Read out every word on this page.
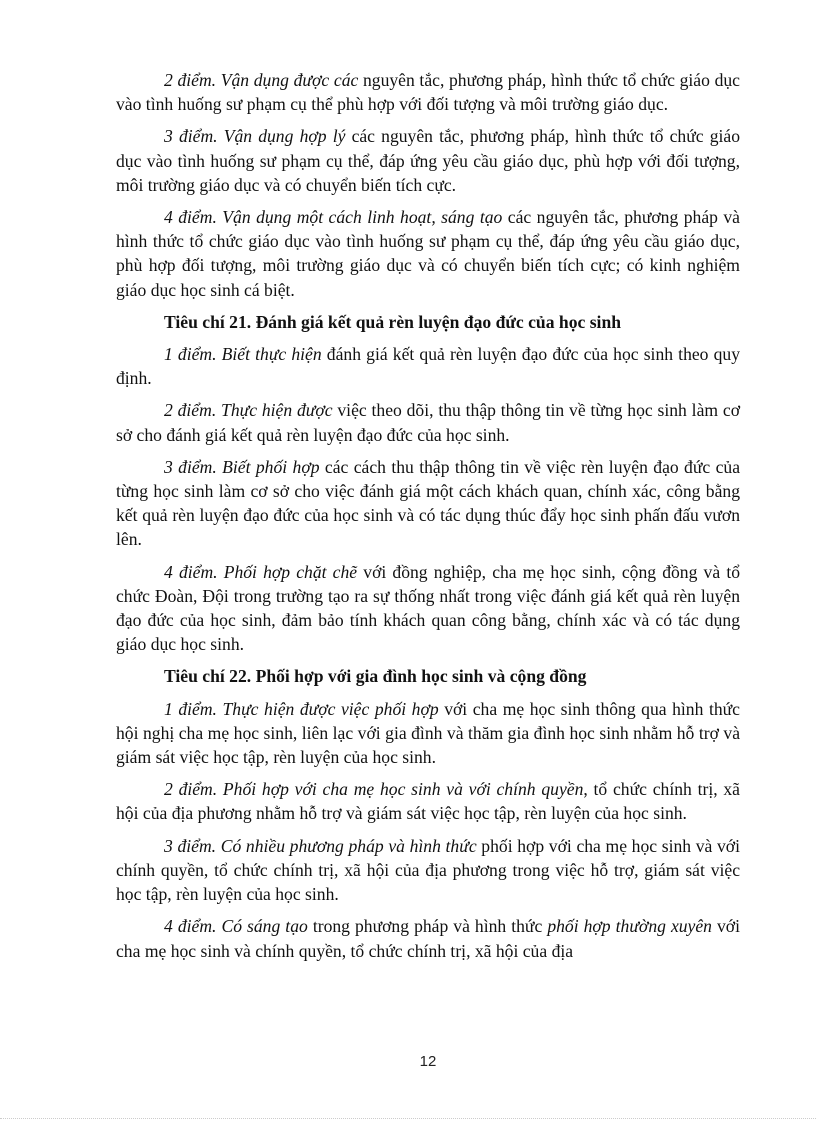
2 điểm. Vận dụng được các nguyên tắc, phương pháp, hình thức tổ chức giáo dục vào tình huống sư phạm cụ thể phù hợp với đối tượng và môi trường giáo dục.

3 điểm. Vận dụng hợp lý các nguyên tắc, phương pháp, hình thức tổ chức giáo dục vào tình huống sư phạm cụ thể, đáp ứng yêu cầu giáo dục, phù hợp với đối tượng, môi trường giáo dục và có chuyển biến tích cực.

4 điểm. Vận dụng một cách linh hoạt, sáng tạo các nguyên tắc, phương pháp và hình thức tổ chức giáo dục vào tình huống sư phạm cụ thể, đáp ứng yêu cầu giáo dục, phù hợp đối tượng, môi trường giáo dục và có chuyển biến tích cực; có kinh nghiệm giáo dục học sinh cá biệt.

Tiêu chí 21. Đánh giá kết quả rèn luyện đạo đức của học sinh

1 điểm. Biết thực hiện đánh giá kết quả rèn luyện đạo đức của học sinh theo quy định.

2 điểm. Thực hiện được việc theo dõi, thu thập thông tin về từng học sinh làm cơ sở cho đánh giá kết quả rèn luyện đạo đức của học sinh.

3 điểm. Biết phối hợp các cách thu thập thông tin về việc rèn luyện đạo đức của từng học sinh làm cơ sở cho việc đánh giá một cách khách quan, chính xác, công bằng kết quả rèn luyện đạo đức của học sinh và có tác dụng thúc đẩy học sinh phấn đấu vươn lên.

4 điểm. Phối hợp chặt chẽ với đồng nghiệp, cha mẹ học sinh, cộng đồng và tổ chức Đoàn, Đội trong trường tạo ra sự thống nhất trong việc đánh giá kết quả rèn luyện đạo đức của học sinh, đảm bảo tính khách quan công bằng, chính xác và có tác dụng giáo dục học sinh.

Tiêu chí 22. Phối hợp với gia đình học sinh và cộng đồng

1 điểm. Thực hiện được việc phối hợp với cha mẹ học sinh thông qua hình thức hội nghị cha mẹ học sinh, liên lạc với gia đình và thăm gia đình học sinh nhằm hỗ trợ và giám sát việc học tập, rèn luyện của học sinh.

2 điểm. Phối hợp với cha mẹ học sinh và với chính quyền, tổ chức chính trị, xã hội của địa phương nhằm hỗ trợ và giám sát việc học tập, rèn luyện của học sinh.

3 điểm. Có nhiều phương pháp và hình thức phối hợp với cha mẹ học sinh và với chính quyền, tổ chức chính trị, xã hội của địa phương trong việc hỗ trợ, giám sát việc học tập, rèn luyện của học sinh.

4 điểm. Có sáng tạo trong phương pháp và hình thức phối hợp thường xuyên với cha mẹ học sinh và chính quyền, tổ chức chính trị, xã hội của địa

12
